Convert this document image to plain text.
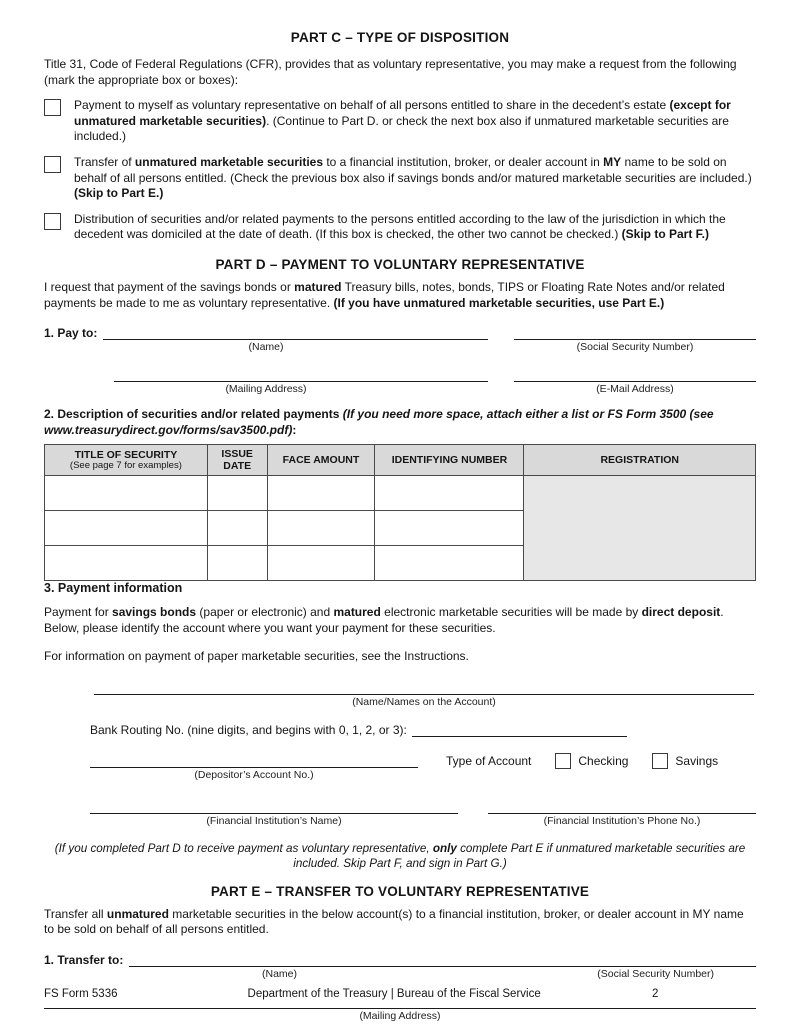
PART C – TYPE OF DISPOSITION

Title 31, Code of Federal Regulations (CFR), provides that as voluntary representative, you may make a request from the following (mark the appropriate box or boxes):

Payment to myself as voluntary representative on behalf of all persons entitled to share in the decedent’s estate (except for unmatured marketable securities). (Continue to Part D. or check the next box also if unmatured marketable securities are included.)

Transfer of unmatured marketable securities to a financial institution, broker, or dealer account in MY name to be sold on behalf of all persons entitled. (Check the previous box also if savings bonds and/or matured marketable securities are included.) (Skip to Part E.)

Distribution of securities and/or related payments to the persons entitled according to the law of the jurisdiction in which the decedent was domiciled at the date of death. (If this box is checked, the other two cannot be checked.) (Skip to Part F.)

PART D – PAYMENT TO VOLUNTARY REPRESENTATIVE

I request that payment of the savings bonds or matured Treasury bills, notes, bonds, TIPS or Floating Rate Notes and/or related payments be made to me as voluntary representative. (If you have unmatured marketable securities, use Part E.)

1. Pay to:
(Name)	(Social Security Number)
(Mailing Address)	(E-Mail Address)

2. Description of securities and/or related payments (If you need more space, attach either a list or FS Form 3500 (see www.treasurydirect.gov/forms/sav3500.pdf):

TITLE OF SECURITY
(See page 7 for examples)	ISSUE DATE	FACE AMOUNT	IDENTIFYING NUMBER	REGISTRATION

3. Payment information

Payment for savings bonds (paper or electronic) and matured electronic marketable securities will be made by direct deposit. Below, please identify the account where you want your payment for these securities.

For information on payment of paper marketable securities, see the Instructions.

(Name/Names on the Account)
Bank Routing No. (nine digits, and begins with 0, 1, 2, or 3):
(Depositor’s Account No.)
Type of Account	Checking	Savings
(Financial Institution’s Name)	(Financial Institution’s Phone No.)

(If you completed Part D to receive payment as voluntary representative, only complete Part E if unmatured marketable securities are included. Skip Part F, and sign in Part G.)

PART E – TRANSFER TO VOLUNTARY REPRESENTATIVE

Transfer all unmatured marketable securities in the below account(s) to a financial institution, broker, or dealer account in MY name to be sold on behalf of all persons entitled.

1. Transfer to:
(Name)	(Social Security Number)
(Mailing Address)
FS Form 5336	Department of the Treasury | Bureau of the Fiscal Service	2
